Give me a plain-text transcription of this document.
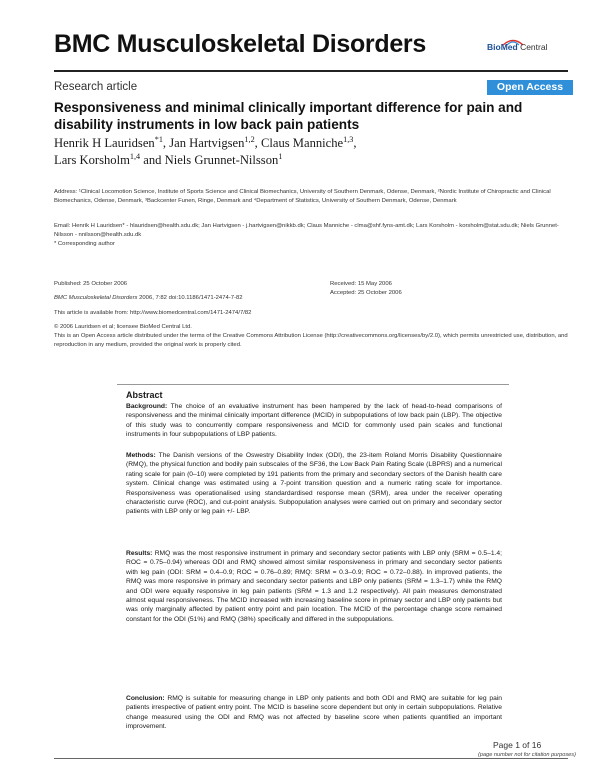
BMC Musculoskeletal Disorders	BioMed Central
Research article	Open Access
Responsiveness and minimal clinically important difference for pain and disability instruments in low back pain patients
Henrik H Lauridsen$^{*1}$, Jan Hartvigsen$^{1,2}$, Claus Manniche$^{1,3}$,
Lars Korsholm$^{1,4}$ and Niels Grunnet-Nilsson$^1$
Address: ¹Clinical Locomotion Science, Institute of Sports Science and Clinical Biomechanics, University of Southern Denmark, Odense, Denmark, ²Nordic Institute of Chiropractic and Clinical Biomechanics, Odense, Denmark, ³Backcenter Funen, Ringe, Denmark and ⁴Department of Statistics, University of Southern Denmark, Odense, Denmark
Email: Henrik H Lauridsen* - hlauridsen@health.sdu.dk; Jan Hartvigsen - j.hartvigsen@nikkb.dk; Claus Manniche - clma@shf.fyns-amt.dk; Lars Korsholm - korsholm@stat.sdu.dk; Niels Grunnet-Nilsson - nnilsson@health.sdu.dk
* Corresponding author
Published: 25 October 2006	Received: 15 May 2006
Accepted: 25 October 2006
BMC Musculoskeletal Disorders 2006, 7:82 doi:10.1186/1471-2474-7-82
This article is available from: http://www.biomedcentral.com/1471-2474/7/82
© 2006 Lauridsen et al; licensee BioMed Central Ltd.
This is an Open Access article distributed under the terms of the Creative Commons Attribution License (http://creativecommons.org/licenses/by/2.0), which permits unrestricted use, distribution, and reproduction in any medium, provided the original work is properly cited.
Abstract
Background: The choice of an evaluative instrument has been hampered by the lack of head-to-head comparisons of responsiveness and the minimal clinically important difference (MCID) in subpopulations of low back pain (LBP). The objective of this study was to concurrently compare responsiveness and MCID for commonly used pain scales and functional instruments in four subpopulations of LBP patients.
Methods: The Danish versions of the Oswestry Disability Index (ODI), the 23-item Roland Morris Disability Questionnaire (RMQ), the physical function and bodily pain subscales of the SF36, the Low Back Pain Rating Scale (LBPRS) and a numerical rating scale for pain (0–10) were completed by 191 patients from the primary and secondary sectors of the Danish health care system. Clinical change was estimated using a 7-point transition question and a numeric rating scale for importance. Responsiveness was operationalised using standardardised response mean (SRM), area under the receiver operating characteristic curve (ROC), and cut-point analysis. Subpopulation analyses were carried out on primary and secondary sector patients with LBP only or leg pain +/- LBP.
Results: RMQ was the most responsive instrument in primary and secondary sector patients with LBP only (SRM = 0.5–1.4; ROC = 0.75–0.94) whereas ODI and RMQ showed almost similar responsiveness in primary and secondary sector patients with leg pain (ODI: SRM = 0.4–0.9; ROC = 0.76–0.89; RMQ: SRM = 0.3–0.9; ROC = 0.72–0.88). In improved patients, the RMQ was more responsive in primary and secondary sector patients and LBP only patients (SRM = 1.3–1.7) while the RMQ and ODI were equally responsive in leg pain patients (SRM = 1.3 and 1.2 respectively). All pain measures demonstrated almost equal responsiveness. The MCID increased with increasing baseline score in primary sector and LBP only patients but was only marginally affected by patient entry point and pain location. The MCID of the percentage change score remained constant for the ODI (51%) and RMQ (38%) specifically and differed in the subpopulations.
Conclusion: RMQ is suitable for measuring change in LBP only patients and both ODI and RMQ are suitable for leg pain patients irrespective of patient entry point. The MCID is baseline score dependent but only in certain subpopulations. Relative change measured using the ODI and RMQ was not affected by baseline score when patients quantified an important improvement.
Page 1 of 16
(page number not for citation purposes)
